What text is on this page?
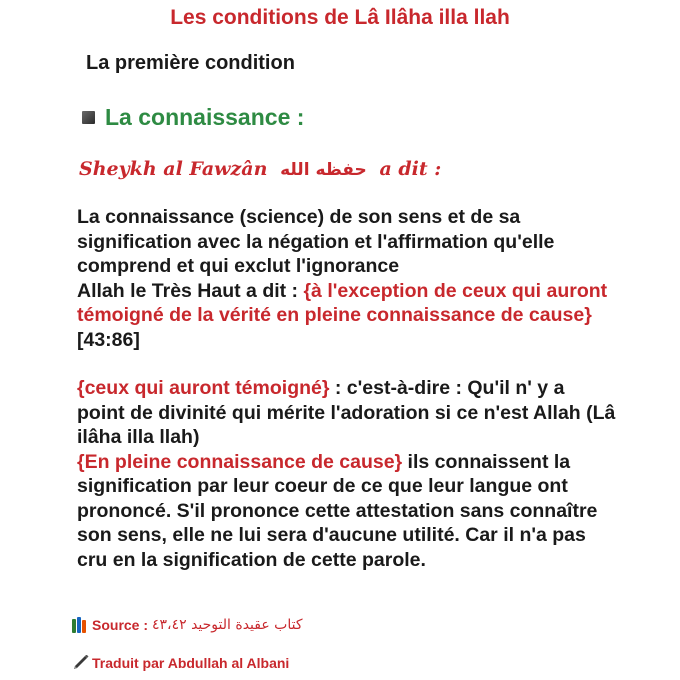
Les conditions de Lâ Ilâha illa llah
La première condition
La connaissance :
Sheykh al Fawzân حفظه الله a dit :

La connaissance (science) de son sens et de sa signification avec la négation et l'affirmation qu'elle comprend et qui exclut l'ignorance
Allah le Très Haut a dit : {à l'exception de ceux qui auront témoigné de la vérité en pleine connaissance de cause} [43:86]

{ceux qui auront témoigné} : c'est-à-dire : Qu'il n' y a point de divinité qui mérite l'adoration si ce n'est Allah (Lâ ilâha illa llah)
{En pleine connaissance de cause} ils connaissent la signification par leur coeur de ce que leur langue ont prononcé. S'il prononce cette attestation sans connaître son sens, elle ne lui sera d'aucune utilité. Car il n'a pas cru en la signification de cette parole.

Source : كتاب عقيدة التوحيد ٤٣،٤٢
Traduit par Abdullah al Albani
